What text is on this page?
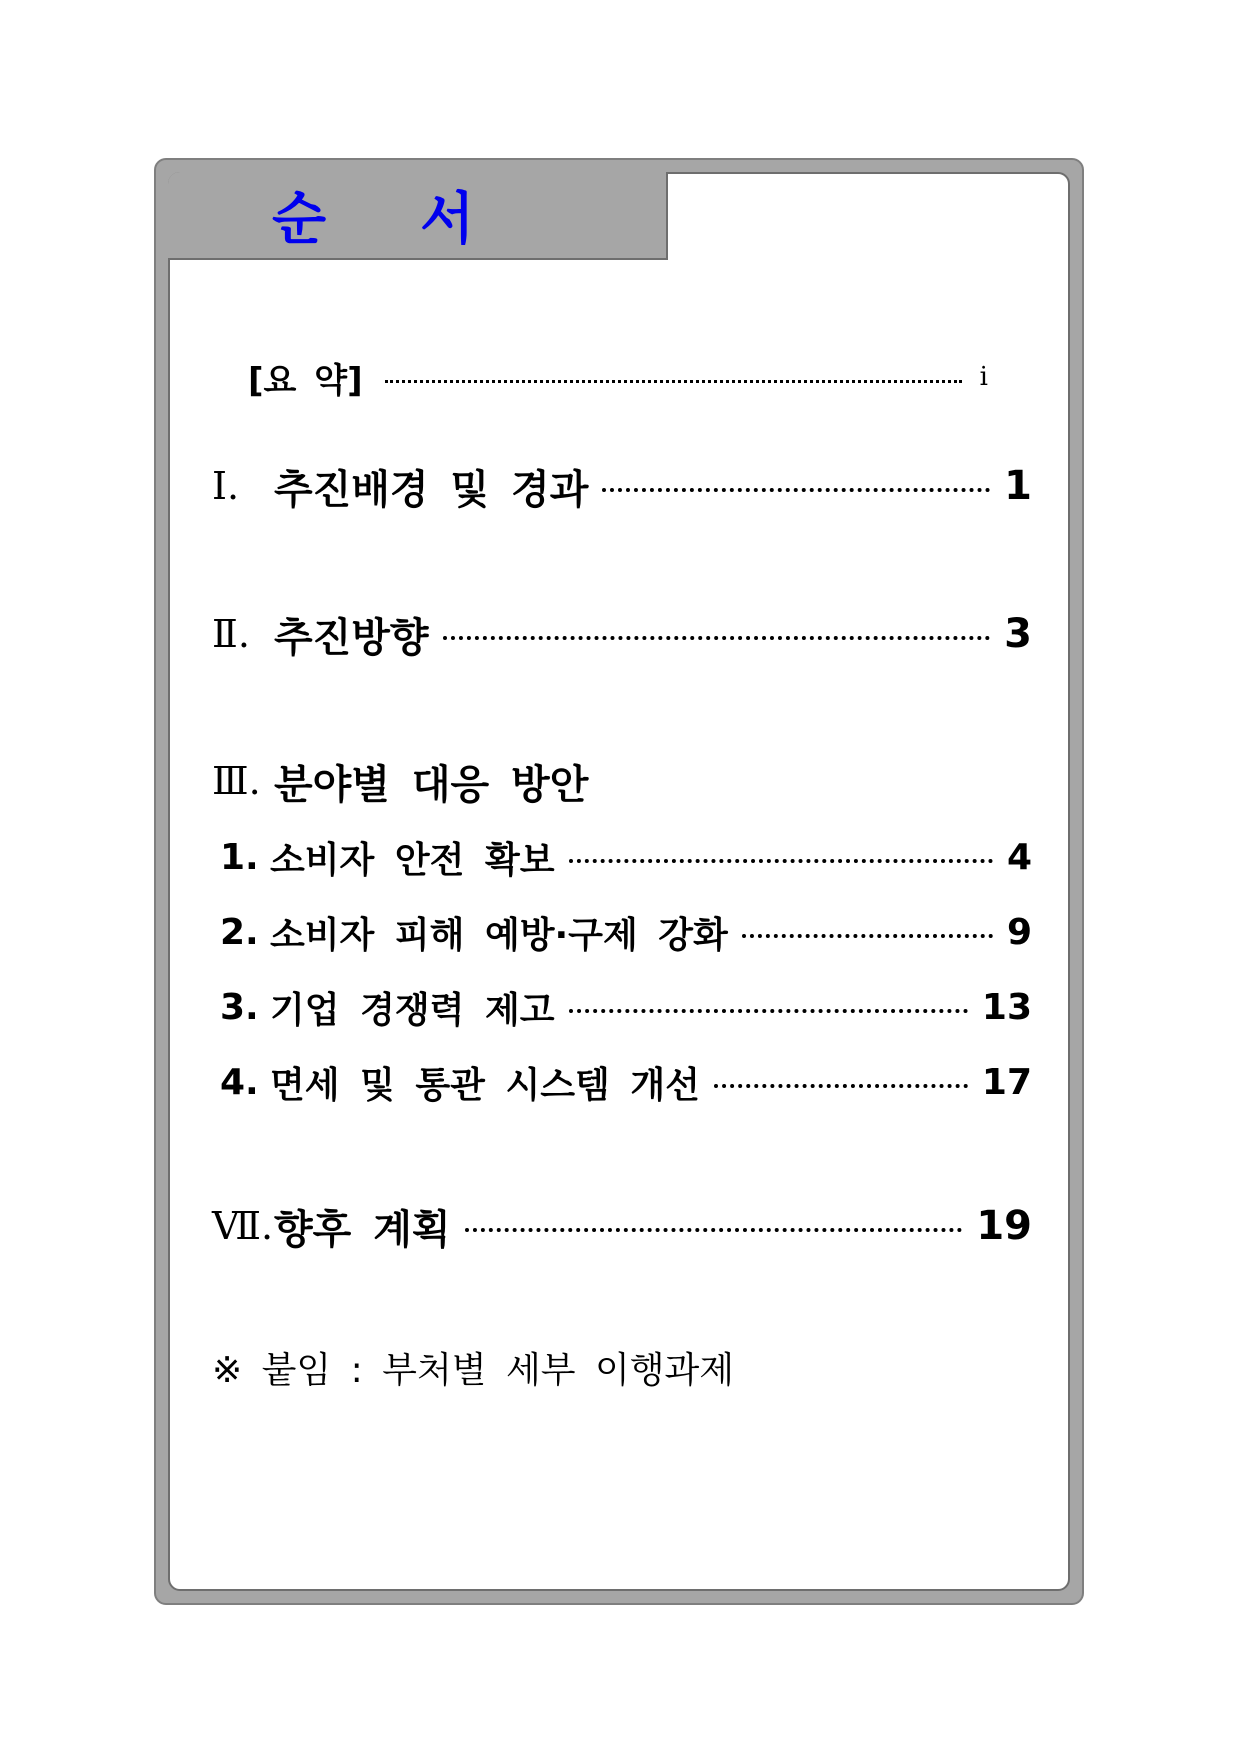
순 서
[요 약]	i
Ⅰ. 추진배경 및 경과	1
Ⅱ. 추진방향	3
Ⅲ. 분야별 대응 방안
1. 소비자 안전 확보	4
2. 소비자 피해 예방·구제 강화	9
3. 기업 경쟁력 제고	13
4. 면세 및 통관 시스템 개선	17
Ⅶ. 향후 계획	19

※ 붙임 : 부처별 세부 이행과제
